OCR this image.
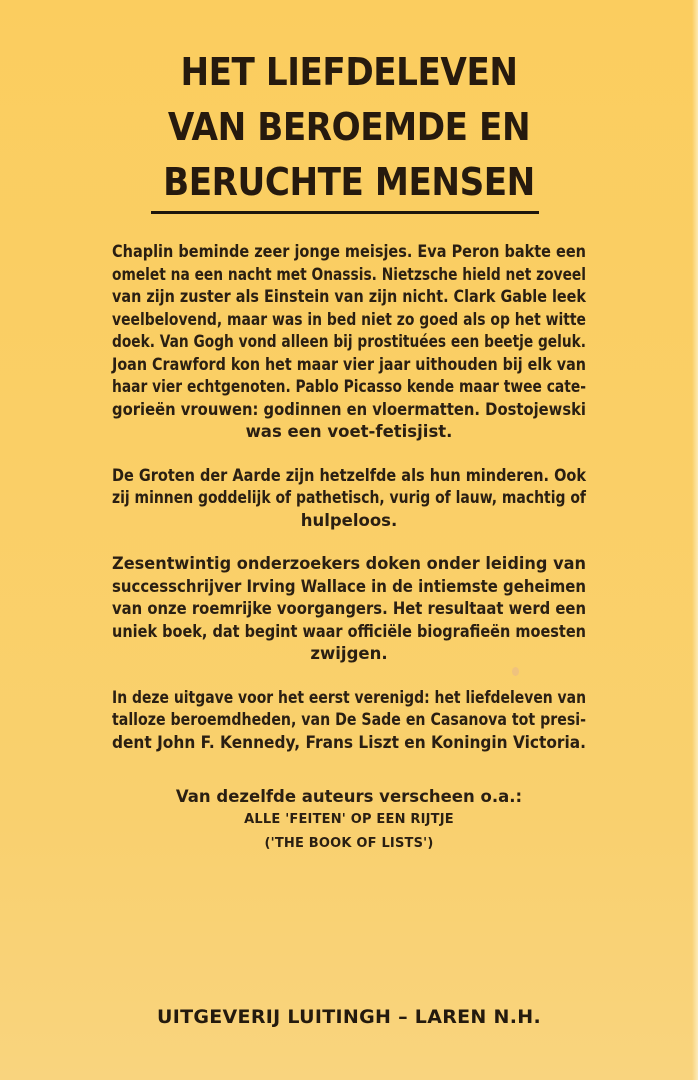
HET LIEFDELEVEN
VAN BEROEMDE EN
BERUCHTE MENSEN
Chaplin beminde zeer jonge meisjes. Eva Peron bakte een
omelet na een nacht met Onassis. Nietzsche hield net zoveel
van zijn zuster als Einstein van zijn nicht. Clark Gable leek
veelbelovend, maar was in bed niet zo goed als op het witte
doek. Van Gogh vond alleen bij prostituées een beetje geluk.
Joan Crawford kon het maar vier jaar uithouden bij elk van
haar vier echtgenoten. Pablo Picasso kende maar twee cate-
gorieën vrouwen: godinnen en vloermatten. Dostojewski
was een voet-fetisjist.
De Groten der Aarde zijn hetzelfde als hun minderen. Ook
zij minnen goddelijk of pathetisch, vurig of lauw, machtig of
hulpeloos.
Zesentwintig onderzoekers doken onder leiding van
successchrijver Irving Wallace in de intiemste geheimen
van onze roemrijke voorgangers. Het resultaat werd een
uniek boek, dat begint waar officiële biografieën moesten
zwijgen.
In deze uitgave voor het eerst verenigd: het liefdeleven van
talloze beroemdheden, van De Sade en Casanova tot presi-
dent John F. Kennedy, Frans Liszt en Koningin Victoria.
Van dezelfde auteurs verscheen o.a.:
ALLE 'FEITEN' OP EEN RIJTJE
('THE BOOK OF LISTS')
UITGEVERIJ LUITINGH – LAREN N.H.
